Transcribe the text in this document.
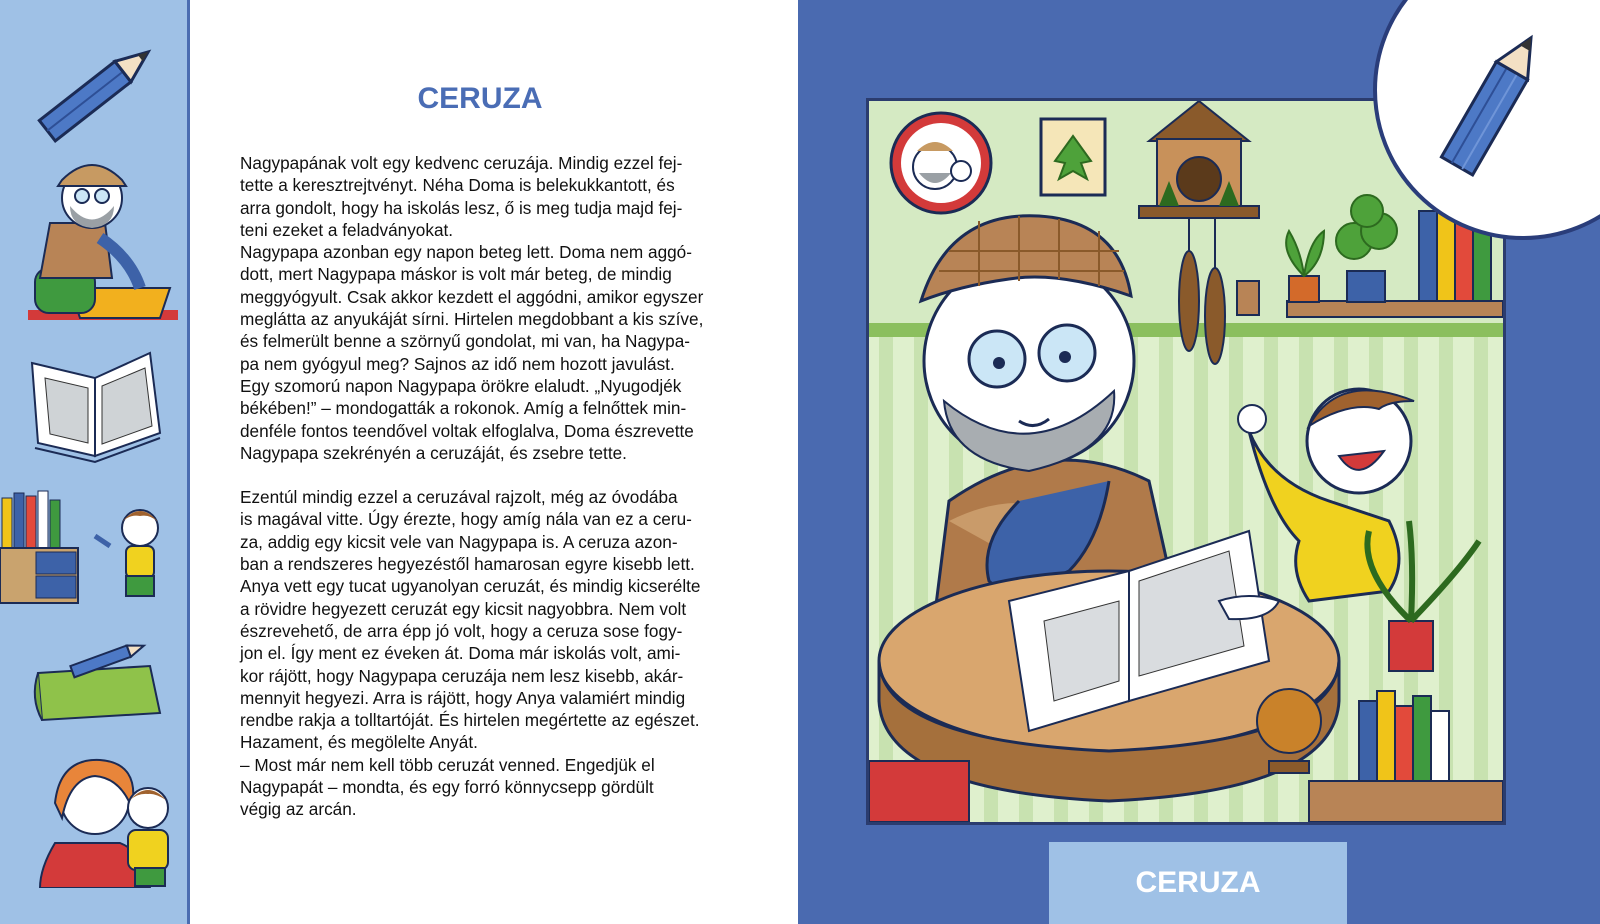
CERUZA

Nagypapának volt egy kedvenc ceruzája. Mindig ezzel fej-
tette a keresztrejtvényt. Néha Doma is belekukkantott, és
arra gondolt, hogy ha iskolás lesz, ő is meg tudja majd fej-
teni ezeket a feladványokat.
Nagypapa azonban egy napon beteg lett. Doma nem aggó-
dott, mert Nagypapa máskor is volt már beteg, de mindig
meggyógyult. Csak akkor kezdett el aggódni, amikor egyszer
meglátta az anyukáját sírni. Hirtelen megdobbant a kis szíve,
és felmerült benne a szörnyű gondolat, mi van, ha Nagypa-
pa nem gyógyul meg? Sajnos az idő nem hozott javulást.
Egy szomorú napon Nagypapa örökre elaludt. „Nyugodjék
békében!” – mondogatták a rokonok. Amíg a felnőttek min-
denféle fontos teendővel voltak elfoglalva, Doma észrevette
Nagypapa szekrényén a ceruzáját, és zsebre tette.

Ezentúl mindig ezzel a ceruzával rajzolt, még az óvodába
is magával vitte. Úgy érezte, hogy amíg nála van ez a ceru-
za, addig egy kicsit vele van Nagypapa is. A ceruza azon-
ban a rendszeres hegyezéstől hamarosan egyre kisebb lett.
Anya vett egy tucat ugyanolyan ceruzát, és mindig kicserélte
a rövidre hegyezett ceruzát egy kicsit nagyobbra. Nem volt
észrevehető, de arra épp jó volt, hogy a ceruza sose fogy-
jon el. Így ment ez éveken át. Doma már iskolás volt, ami-
kor rájött, hogy Nagypapa ceruzája nem lesz kisebb, akár-
mennyit hegyezi. Arra is rájött, hogy Anya valamiért mindig
rendbe rakja a tolltartóját. És hirtelen megértette az egészet.
Hazament, és megölelte Anyát.
– Most már nem kell több ceruzát venned. Engedjük el
Nagypapát – mondta, és egy forró könnycsepp gördült
végig az arcán.

CERUZA
